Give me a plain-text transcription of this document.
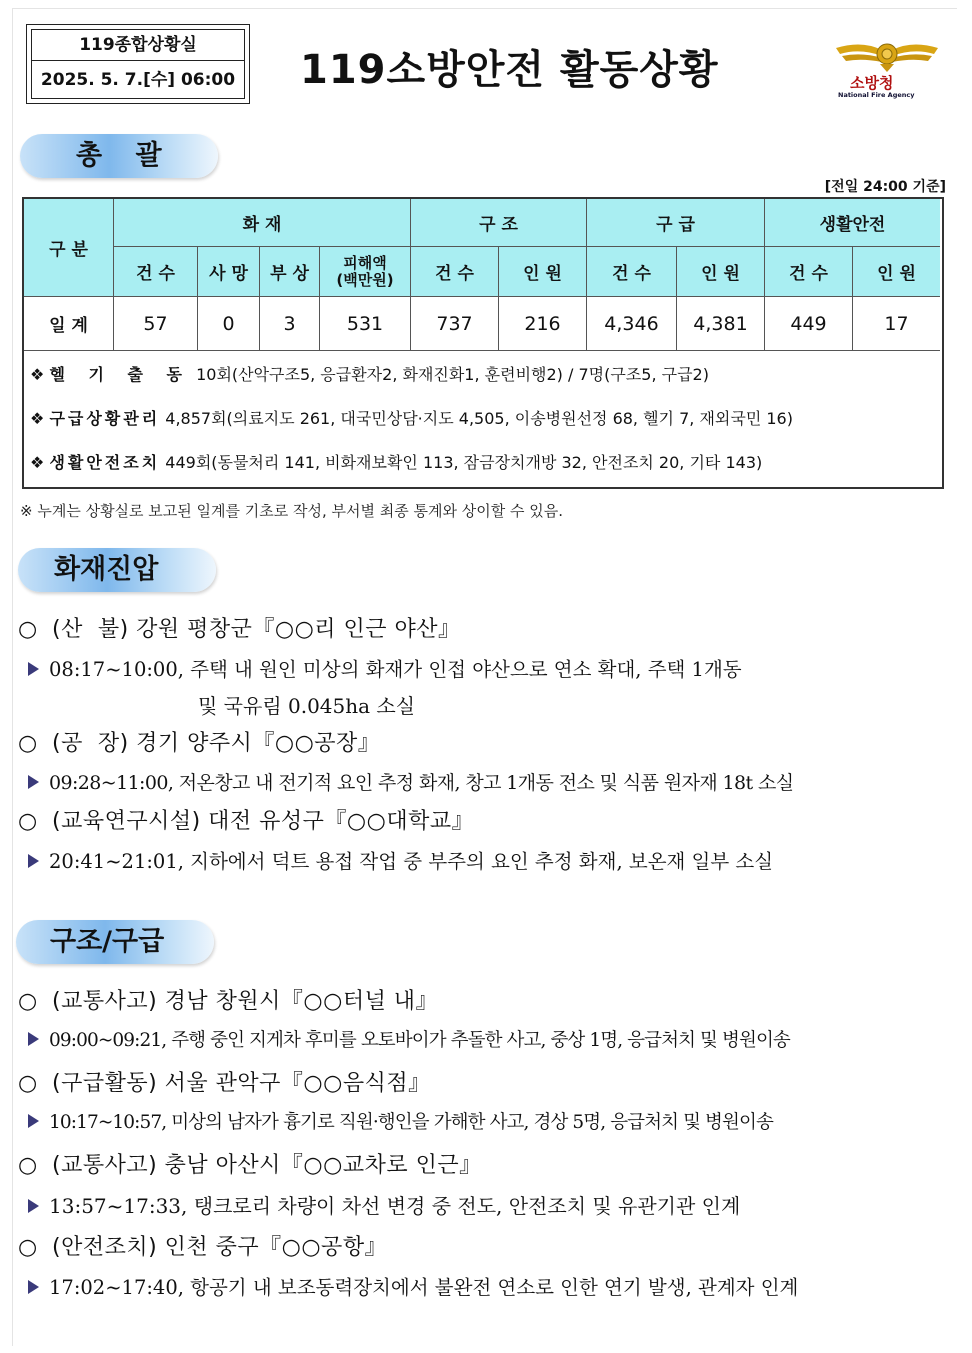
119종합상황실
2025. 5. 7.[수] 06:00 119소방안전 활동상황	소방청
National Fire Agency
총 괄
[전일 24:00 기준]
구 분
화 재	구 조	구 급	생활안전
건 수	사 망	부 상
피해액
(백만원)	건 수	인 원	건 수	인 원	건 수	인 원
일 계	57	0	3	531	737	216	4,346	4,381	449	17
❖ 헬 기 출 동 10회(산악구조5, 응급환자2, 화재진화1, 훈련비행2) / 7명(구조5, 구급2)
❖ 구급상황관리 4,857회(의료지도 261, 대국민상담·지도 4,505, 이송병원선정 68, 헬기 7, 재외국민 16)
❖ 생활안전조치 449회(동물처리 141, 비화재보확인 113, 잠금장치개방 32, 안전조치 20, 기타 143)
※ 누계는 상황실로 보고된 일계를 기초로 작성, 부서별 최종 통계와 상이할 수 있음.
화재진압
○ (산  불) 강원 평창군『○○리 인근 야산』
08:17~10:00, 주택 내 원인 미상의 화재가 인접 야산으로 연소 확대, 주택 1개동
및 국유림 0.045ha 소실
○ (공  장) 경기 양주시『○○공장』
09:28~11:00, 저온창고 내 전기적 요인 추정 화재, 창고 1개동 전소 및 식품 원자재 18t 소실
○ (교육연구시설) 대전 유성구『○○대학교』
20:41~21:01, 지하에서 덕트 용접 작업 중 부주의 요인 추정 화재, 보온재 일부 소실
구조/구급
○ (교통사고) 경남 창원시『○○터널 내』
09:00~09:21, 주행 중인 지게차 후미를 오토바이가 추돌한 사고, 중상 1명, 응급처치 및 병원이송
○ (구급활동) 서울 관악구『○○음식점』
10:17~10:57, 미상의 남자가 흉기로 직원·행인을 가해한 사고, 경상 5명, 응급처치 및 병원이송
○ (교통사고) 충남 아산시『○○교차로 인근』
13:57~17:33, 탱크로리 차량이 차선 변경 중 전도, 안전조치 및 유관기관 인계
○ (안전조치) 인천 중구『○○공항』
17:02~17:40, 항공기 내 보조동력장치에서 불완전 연소로 인한 연기 발생, 관계자 인계
